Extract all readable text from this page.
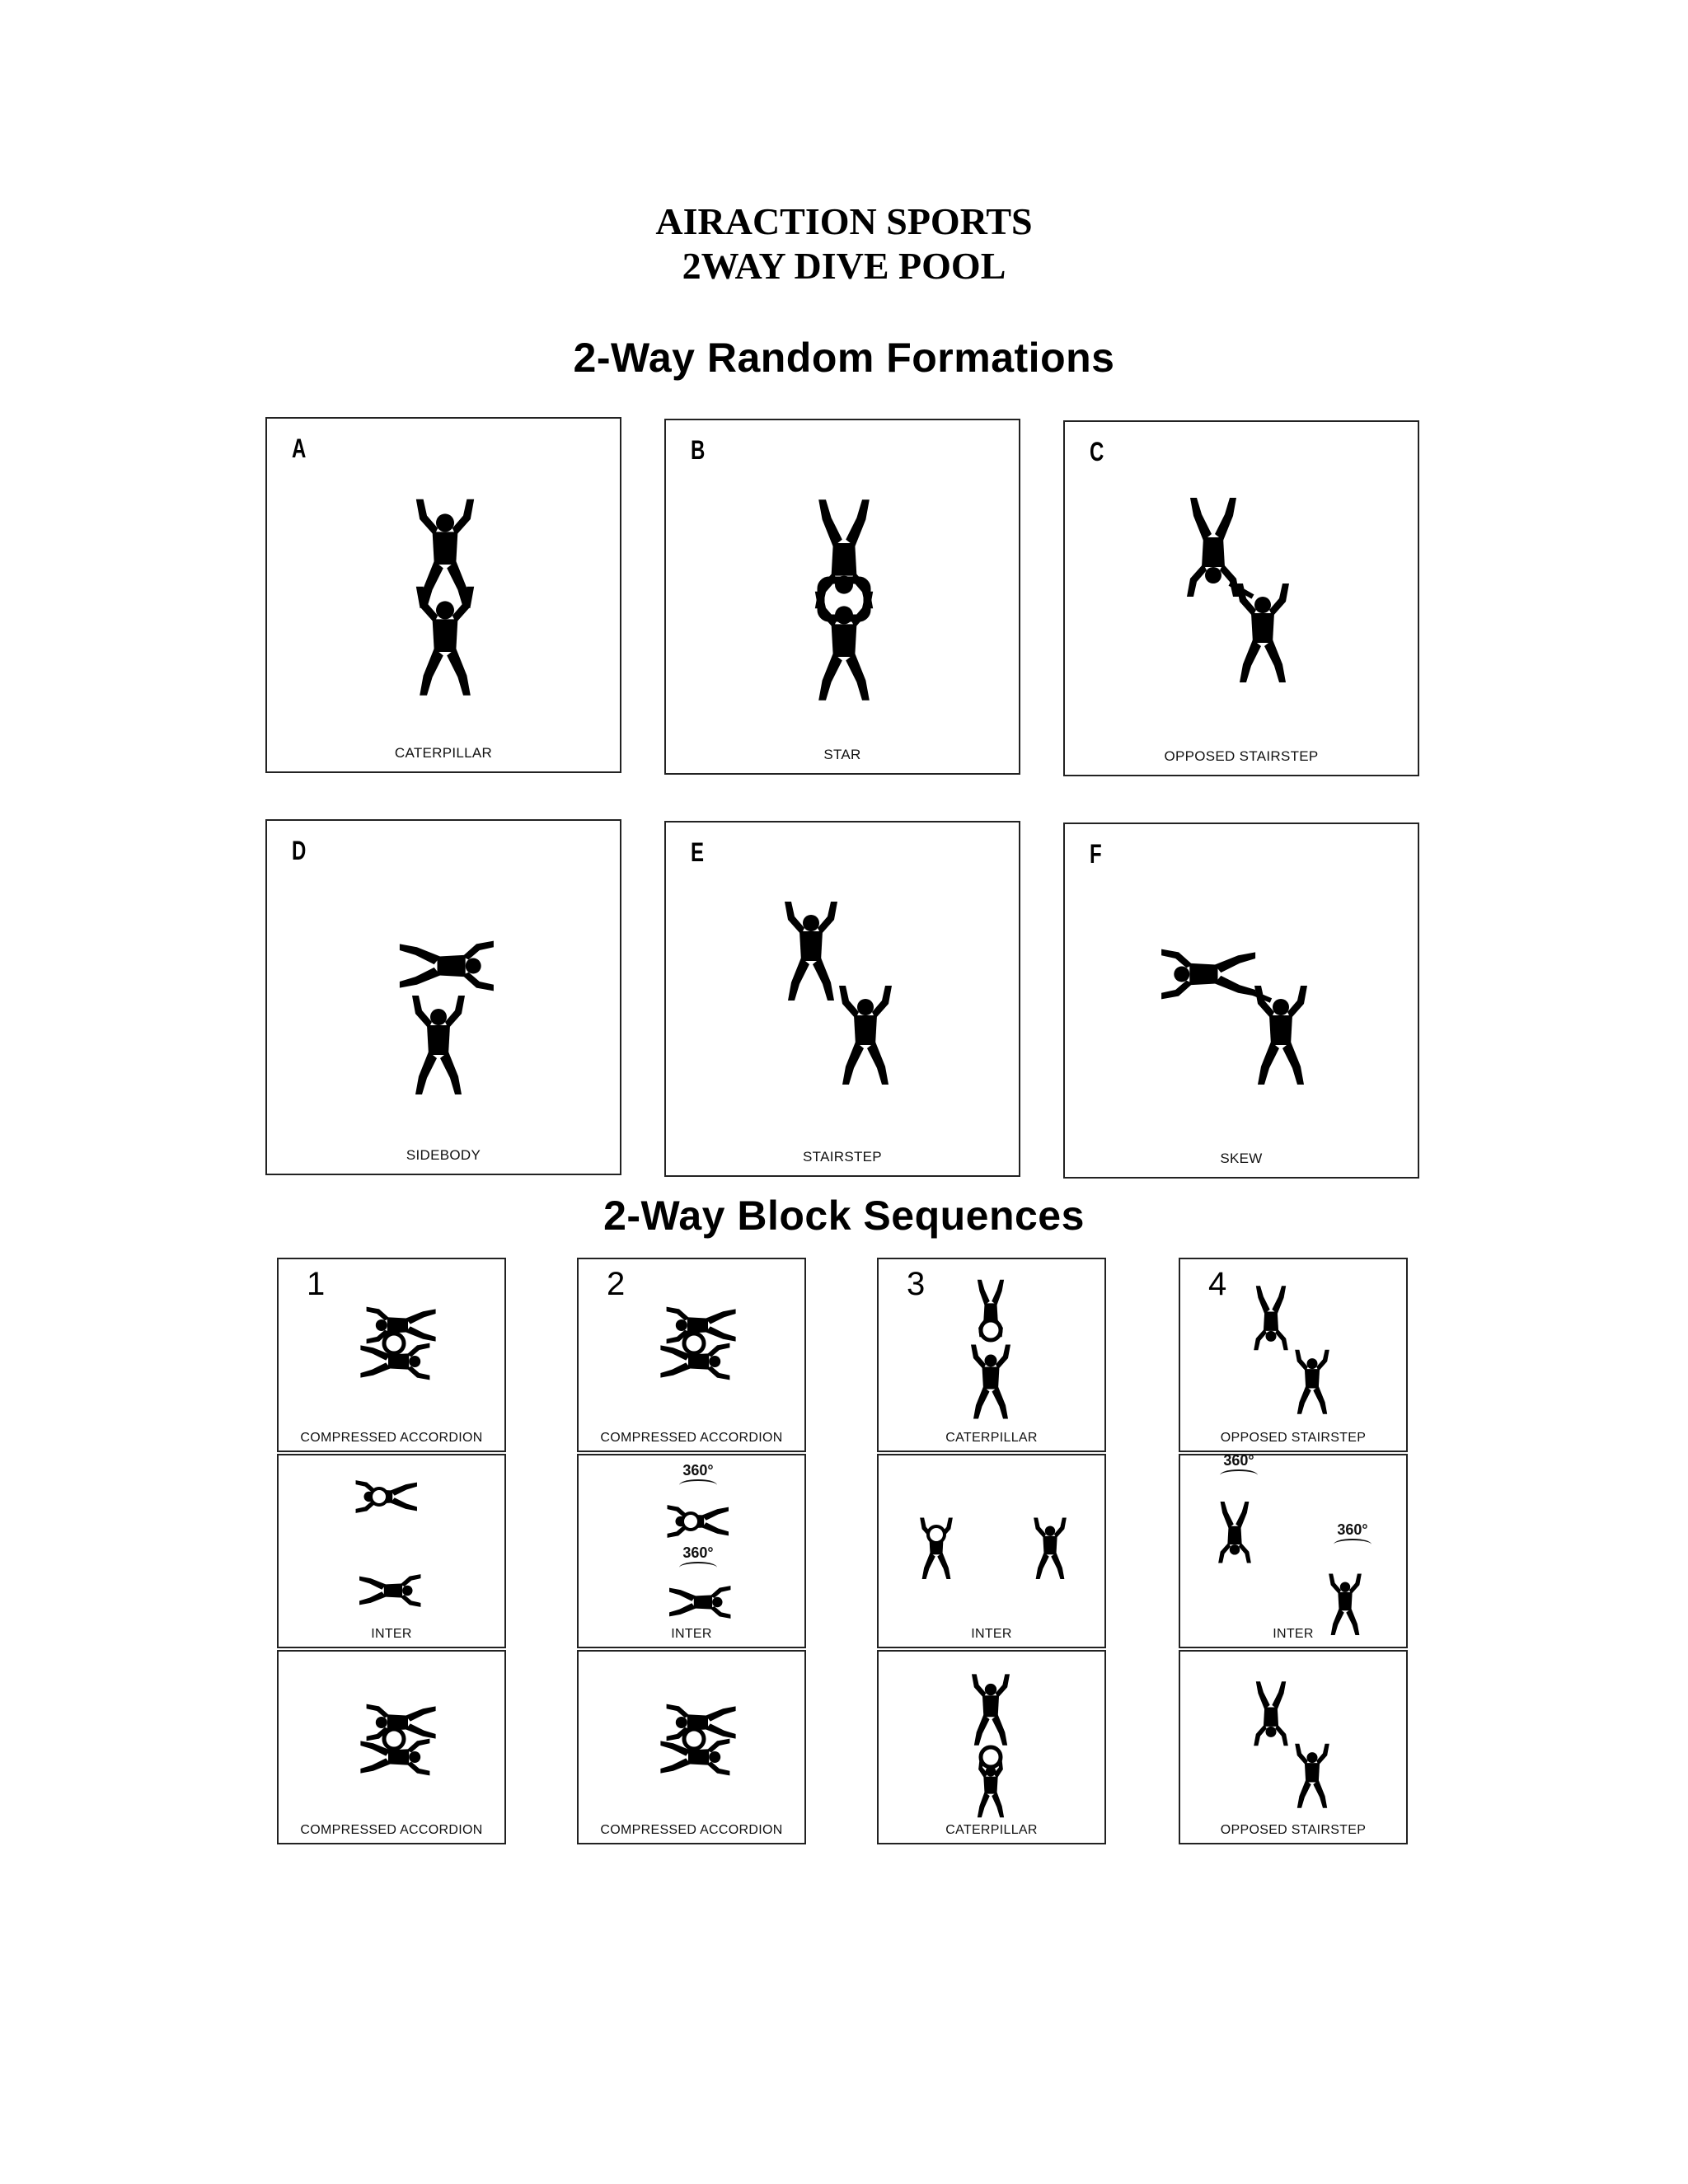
AIRACTION SPORTS
2WAY DIVE POOL
2-Way Random Formations
A
CATERPILLAR
B
STAR
C
OPPOSED STAIRSTEP
D
SIDEBODY
E
STAIRSTEP
F
SKEW
2-Way Block Sequences
1
COMPRESSED ACCORDION
INTER
COMPRESSED ACCORDION
2
COMPRESSED ACCORDION
360°
360°
INTER
COMPRESSED ACCORDION
3
CATERPILLAR
INTER
CATERPILLAR
4
OPPOSED STAIRSTEP
360°
360°
INTER
OPPOSED STAIRSTEP
